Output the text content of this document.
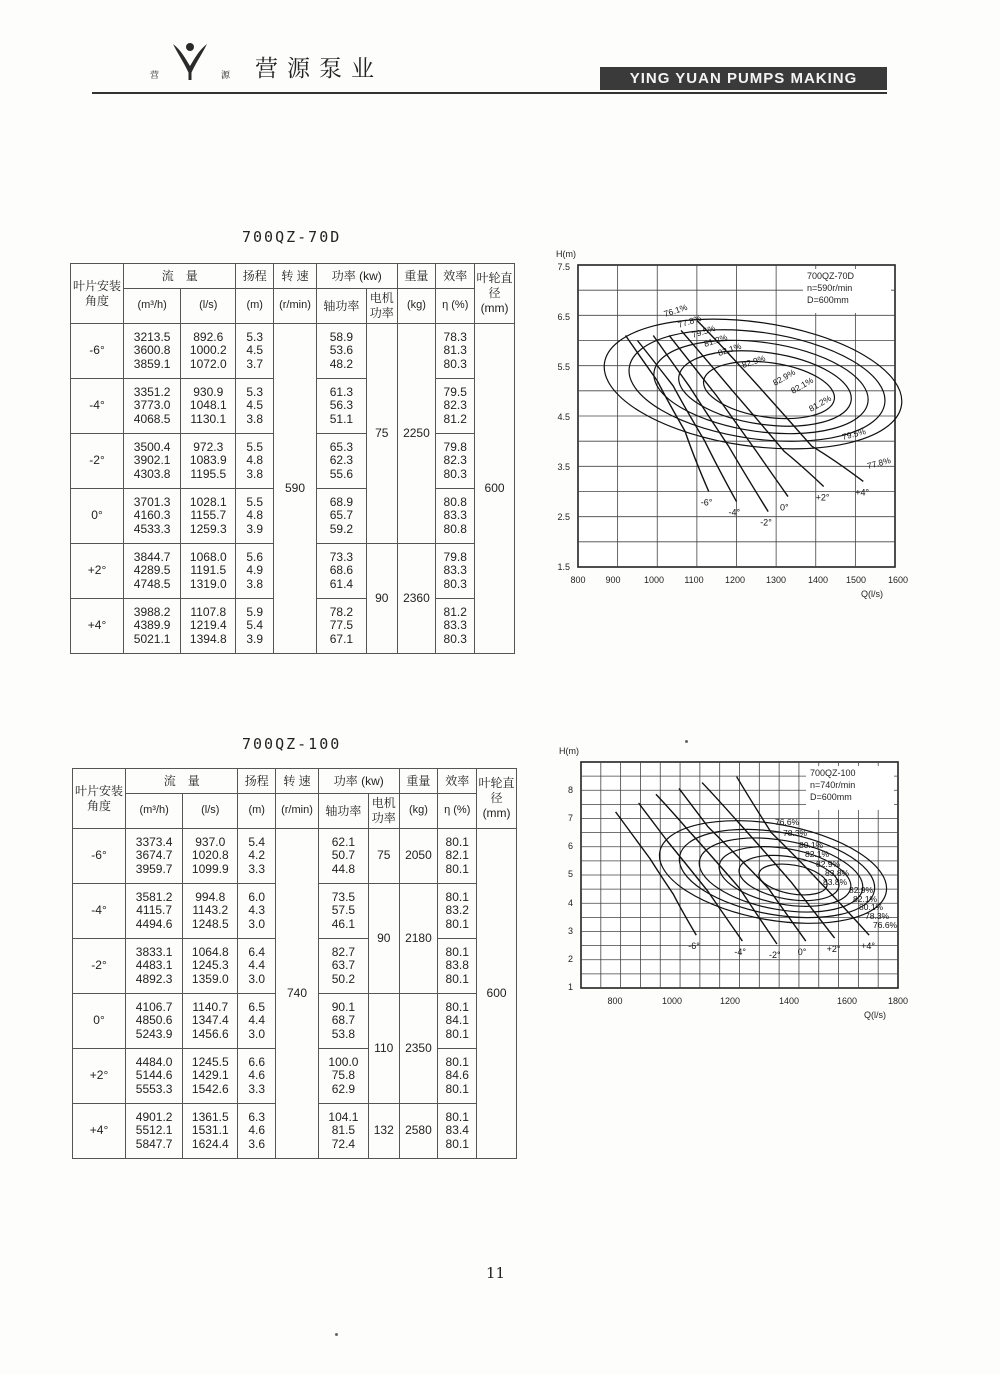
营	源 营源泵业	YING YUAN PUMPS MAKING
700QZ-70D
叶片安装角度	流　量		扬程	转 速	功率 (kw)		重量	效率	叶轮直径
(mm)
	(m³/h)	(l/s)	(m)	(r/min)	轴功率	电机功率	(kg)	η (%)	
-6°	3213.5
3600.8
3859.1	892.6
1000.2
1072.0	5.3
4.5
3.7	590	58.9
53.6
48.2	75	2250	78.3
81.3
80.3	600
-4°	3351.2
3773.0
4068.5	930.9
1048.1
1130.1	5.3
4.5
3.8		61.3
56.3
51.1			79.5
82.3
81.2	
-2°	3500.4
3902.1
4303.8	972.3
1083.9
1195.5	5.5
4.8
3.8		65.3
62.3
55.6			79.8
82.3
80.3	
0°	3701.3
4160.3
4533.3	1028.1
1155.7
1259.3	5.5
4.8
3.9		68.9
65.7
59.2			80.8
83.3
80.8	
+2°	3844.7
4289.5
4748.5	1068.0
1191.5
1319.0	5.6
4.9
3.8		73.3
68.6
61.4	90	2360	79.8
83.3
80.3	
+4°	3988.2
4389.9
5021.1	1107.8
1219.4
1394.8	5.9
5.4
3.9		78.2
77.5
67.1			81.2
83.3
80.3	
700QZ-70D
n=590r/min
D=600mm
H(m)
Q(l/s)
800 900	1000 1100 1200 1300 1400 1500 1600
7.5
6.5
5.5
4.5
3.5
2.5
1.5
76.1%
77.8%
79.5%
81.2%
82.1%
82.9%
82.9%
82.1%
81.2%
79.5%
77.8%
-6°
-4°
-2°
0°
+2°
+4°
700QZ-100
叶片安装角度	流　量		扬程	转 速	功率 (kw)		重量	效率	叶轮直径
(mm)
	(m³/h)	(l/s)	(m)	(r/min)	轴功率	电机功率	(kg)	η (%)	
-6°	3373.4
3674.7
3959.7	937.0
1020.8
1099.9	5.4
4.2
3.3	740	62.1
50.7
44.8	75	2050	80.1
82.1
80.1	600
-4°	3581.2
4115.7
4494.6	994.8
1143.2
1248.5	6.0
4.3
3.0		73.5
57.5
46.1	90	2180	80.1
83.2
80.1	
-2°	3833.1
4483.1
4892.3	1064.8
1245.3
1359.0	6.4
4.4
3.0		82.7
63.7
50.2			80.1
83.8
80.1	
0°	4106.7
4850.6
5243.9	1140.7
1347.4
1456.6	6.5
4.4
3.0		90.1
68.7
53.8	110	2350	80.1
84.1
80.1	
+2°	4484.0
5144.6
5553.3	1245.5
1429.1
1542.6	6.6
4.6
3.3		100.0
75.8
62.9			80.1
84.6
80.1	
+4°	4901.2
5512.1
5847.7	1361.5
1531.1
1624.4	6.3
4.6
3.6		104.1
81.5
72.4	132	2580	80.1
83.4
80.1	
700QZ-100
n=740r/min
D=600mm
H(m)
Q(l/s)
800	1000	1200	1400	1600	1800
8
7
6
5
4
3
2
1
76.6%
78.3%
80.1%
82.1%
82.9%
83.8%
83.8%
82.9%
82.1%
80.1%
78.3%
76.6%
-6°
-4°	-2° 0° +2° +4°
11
